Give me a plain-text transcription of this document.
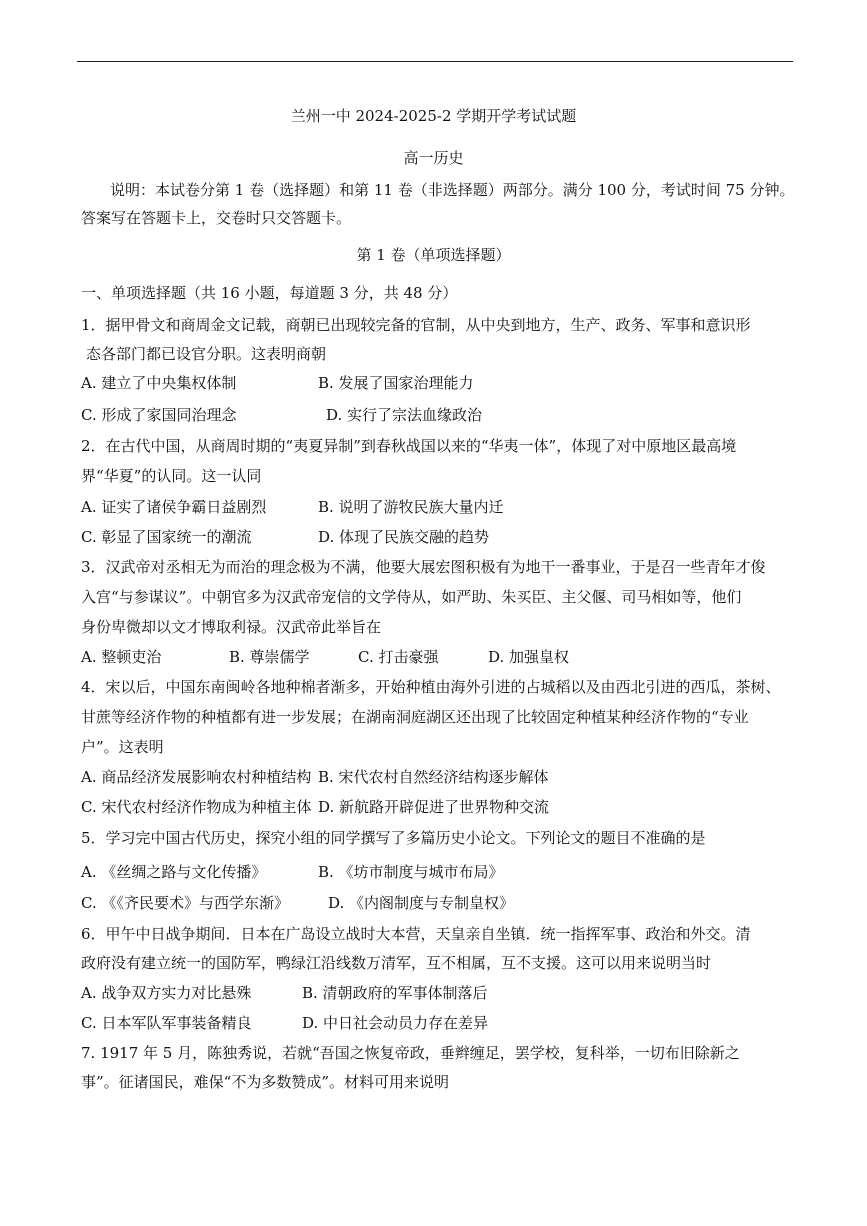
兰州一中 2024-2025-2 学期开学考试试题
高一历史
说明：本试卷分第 1 卷（选择题）和第 11 卷（非选择题）两部分。满分 100 分，考试时间 75 分钟。
答案写在答题卡上，交卷时只交答题卡。
第 1 卷（单项选择题）
一、单项选择题（共 16 小题，每道题 3 分，共 48 分）
1．据甲骨文和商周金文记载，商朝已出现较完备的官制，从中央到地方，生产、政务、军事和意识形
态各部门都已设官分职。这表明商朝
A. 建立了中央集权体制	B. 发展了国家治理能力
C. 形成了家国同治理念	D. 实行了宗法血缘政治
2．在古代中国，从商周时期的“夷夏异制”到春秋战国以来的“华夷一体”，体现了对中原地区最高境
界“华夏”的认同。这一认同
A. 证实了诸侯争霸日益剧烈	B. 说明了游牧民族大量内迁
C. 彰显了国家统一的潮流	D. 体现了民族交融的趋势
3．汉武帝对丞相无为而治的理念极为不满，他要大展宏图积极有为地干一番事业，于是召一些青年才俊
入宫“与参谋议”。中朝官多为汉武帝宠信的文学侍从，如严助、朱买臣、主父偃、司马相如等，他们
身份卑微却以文才博取利禄。汉武帝此举旨在
A. 整顿吏治	B. 尊崇儒学	C. 打击豪强	D. 加强皇权
4．宋以后，中国东南闽岭各地种棉者渐多，开始种植由海外引进的占城稻以及由西北引进的西瓜，茶树、
甘蔗等经济作物的种植都有进一步发展；在湖南洞庭湖区还出现了比较固定种植某种经济作物的“专业
户”。这表明
A. 商品经济发展影响农村种植结构 B. 宋代农村自然经济结构逐步解体
C. 宋代农村经济作物成为种植主体 D. 新航路开辟促进了世界物种交流
5．学习完中国古代历史，探究小组的同学撰写了多篇历史小论文。下列论文的题目不准确的是
A. 《丝绸之路与文化传播》	B. 《坊市制度与城市布局》
C. 《《齐民要术》与西学东渐》	D. 《内阁制度与专制皇权》
6．甲午中日战争期间．日本在广岛设立战时大本营，天皇亲自坐镇．统一指挥军事、政治和外交。清
政府没有建立统一的国防军，鸭绿江沿线数万清军，互不相属，互不支援。这可以用来说明当时
A. 战争双方实力对比悬殊	B. 清朝政府的军事体制落后
C. 日本军队军事装备精良	D. 中日社会动员力存在差异
7. 1917 年 5 月，陈独秀说，若就“吾国之恢复帝政，垂辫缠足，罢学校，复科举，一切布旧除新之
事”。征诸国民，难保“不为多数赞成”。材料可用来说明
